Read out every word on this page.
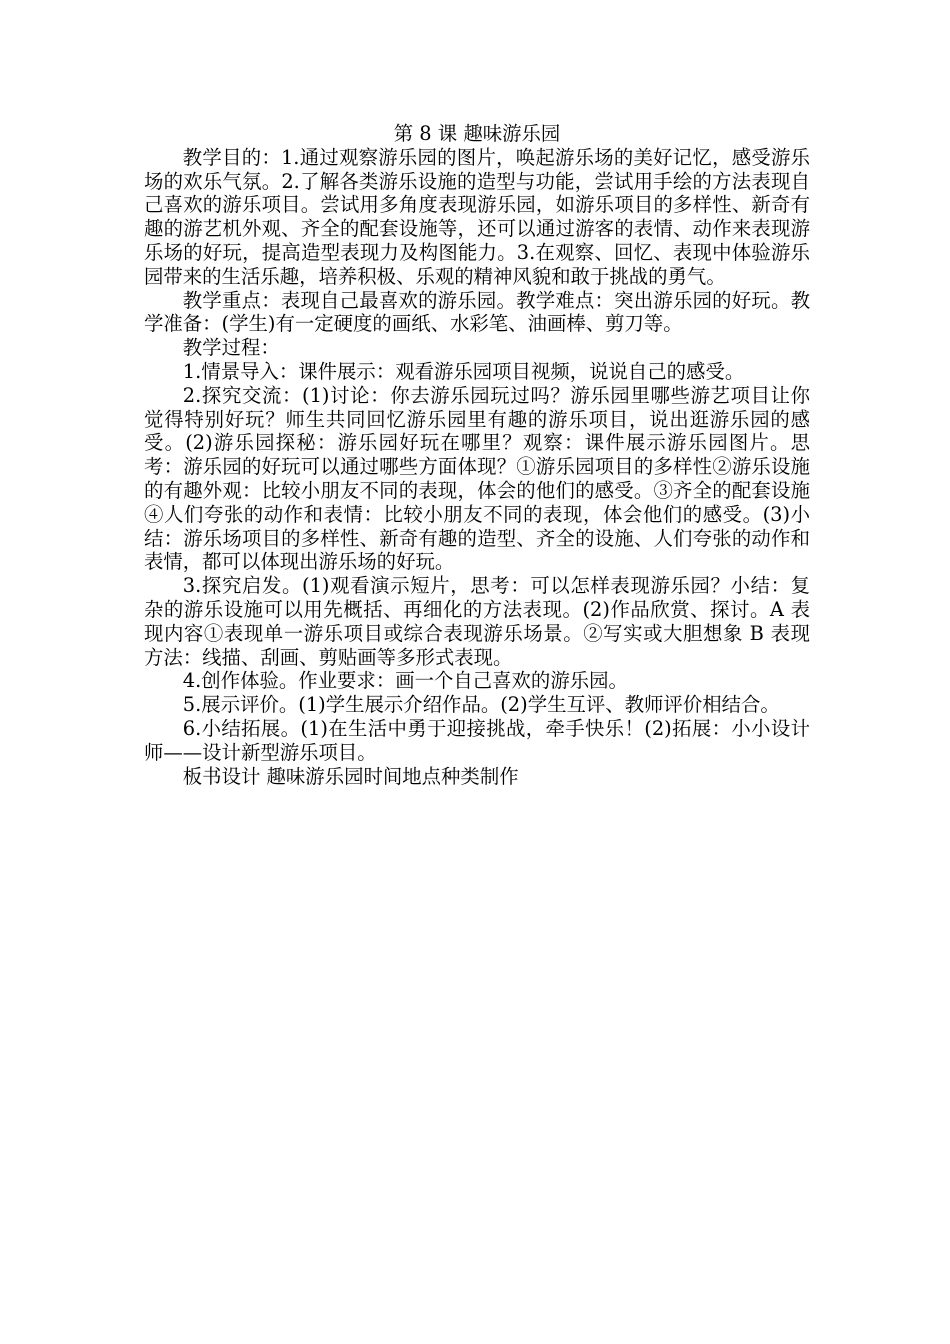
第 8 课 趣味游乐园

教学目的：1.通过观察游乐园的图片，唤起游乐场的美好记忆，感受游乐场的欢乐气氛。2.了解各类游乐设施的造型与功能，尝试用手绘的方法表现自己喜欢的游乐项目。尝试用多角度表现游乐园，如游乐项目的多样性、新奇有趣的游艺机外观、齐全的配套设施等，还可以通过游客的表情、动作来表现游乐场的好玩，提高造型表现力及构图能力。3.在观察、回忆、表现中体验游乐园带来的生活乐趣，培养积极、乐观的精神风貌和敢于挑战的勇气。

教学重点：表现自己最喜欢的游乐园。教学难点：突出游乐园的好玩。教学准备：(学生)有一定硬度的画纸、水彩笔、油画棒、剪刀等。

教学过程：

1.情景导入：课件展示：观看游乐园项目视频，说说自己的感受。

2.探究交流：(1)讨论：你去游乐园玩过吗？游乐园里哪些游艺项目让你觉得特别好玩？师生共同回忆游乐园里有趣的游乐项目，说出逛游乐园的感受。(2)游乐园探秘：游乐园好玩在哪里？观察：课件展示游乐园图片。思考：游乐园的好玩可以通过哪些方面体现？①游乐园项目的多样性②游乐设施的有趣外观：比较小朋友不同的表现，体会的他们的感受。③齐全的配套设施④人们夸张的动作和表情：比较小朋友不同的表现，体会他们的感受。(3)小结：游乐场项目的多样性、新奇有趣的造型、齐全的设施、人们夸张的动作和表情，都可以体现出游乐场的好玩。

3.探究启发。(1)观看演示短片，思考：可以怎样表现游乐园？小结：复杂的游乐设施可以用先概括、再细化的方法表现。(2)作品欣赏、探讨。A 表现内容①表现单一游乐项目或综合表现游乐场景。②写实或大胆想象 B 表现方法：线描、刮画、剪贴画等多形式表现。

4.创作体验。作业要求：画一个自己喜欢的游乐园。

5.展示评价。(1)学生展示介绍作品。(2)学生互评、教师评价相结合。

6.小结拓展。(1)在生活中勇于迎接挑战，牵手快乐！(2)拓展：小小设计师——设计新型游乐项目。

板书设计 趣味游乐园时间地点种类制作
